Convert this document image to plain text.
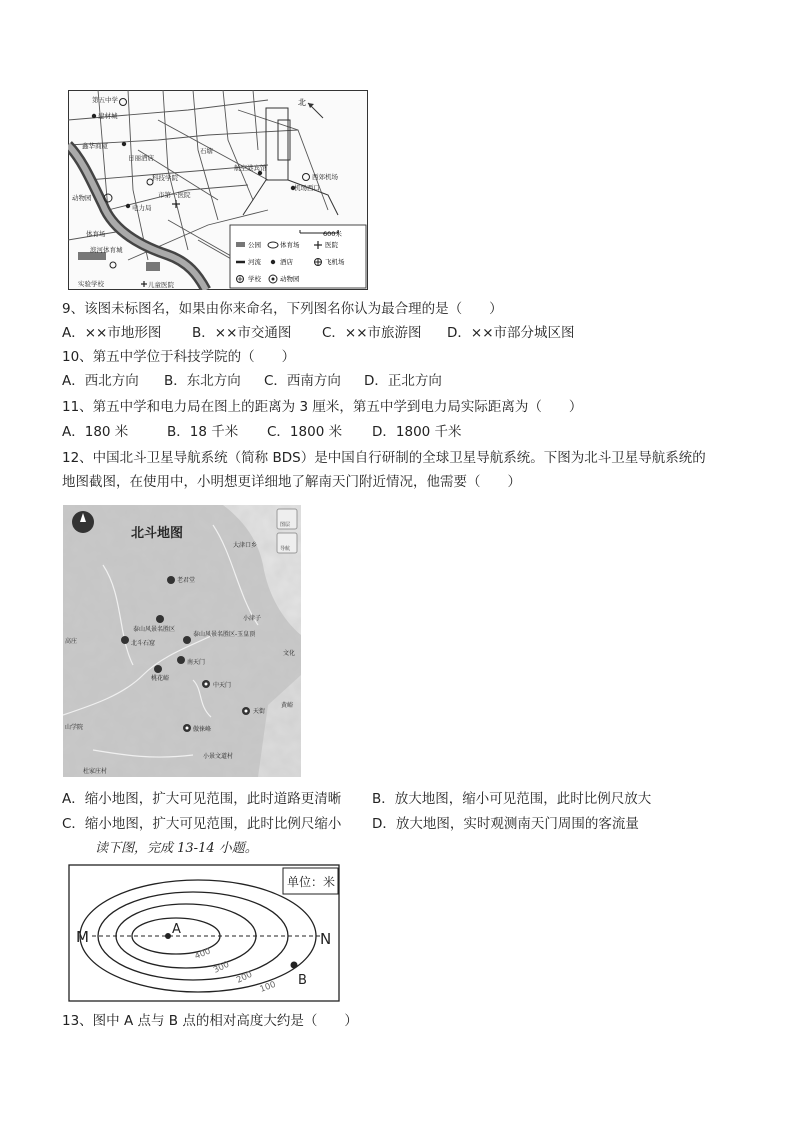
北
第五中学
建材城
鑫华商厦
日丽酒店
石塘
科技学院
市第一医院
电力局
动物园
航空港宾馆
西郊机场
机场西口
体育场
滨河体育城
实验学校	儿童医院
600米
公园	体育场	医院
河流	酒店	飞机场
学校	动物园
9、该图未标图名，如果由你来命名，下列图名你认为最合理的是（　　）
A．××市地形图 B．××市交通图 C．××市旅游图 D．××市部分城区图
10、第五中学位于科技学院的（　　）
A．西北方向 B．东北方向 C．西南方向 D．正北方向
11、第五中学和电力局在图上的距离为 3 厘米，第五中学到电力局实际距离为（　　）
A．180 米	B．18 千米 C．1800 米 D．1800 千米
12、中国北斗卫星导航系统（简称 BDS）是中国自行研制的全球卫星导航系统。下图为北斗卫星导航系统的
地图截图，在使用中，小明想更详细地了解南天门附近情况，他需要（　　）
图层
导航
北斗地图
大津口乡
老君堂
小津子
泰山风景名胜区
泰山风景名胜区-玉皇顶
北斗石窟
高庄
南天门
桃花峪
中天门
天街
傲徕峰
小景文道村
山学院
杜家庄村
文化
黄峪
A．缩小地图，扩大可见范围，此时道路更清晰 B．放大地图，缩小可见范围，此时比例尺放大
C．缩小地图，扩大可见范围，此时比例尺缩小 D．放大地图，实时观测南天门周围的客流量
读下图，完成 13-14 小题。
单位：米
M	N
A
B
400
300
200
100
13、图中 A 点与 B 点的相对高度大约是（　　）
